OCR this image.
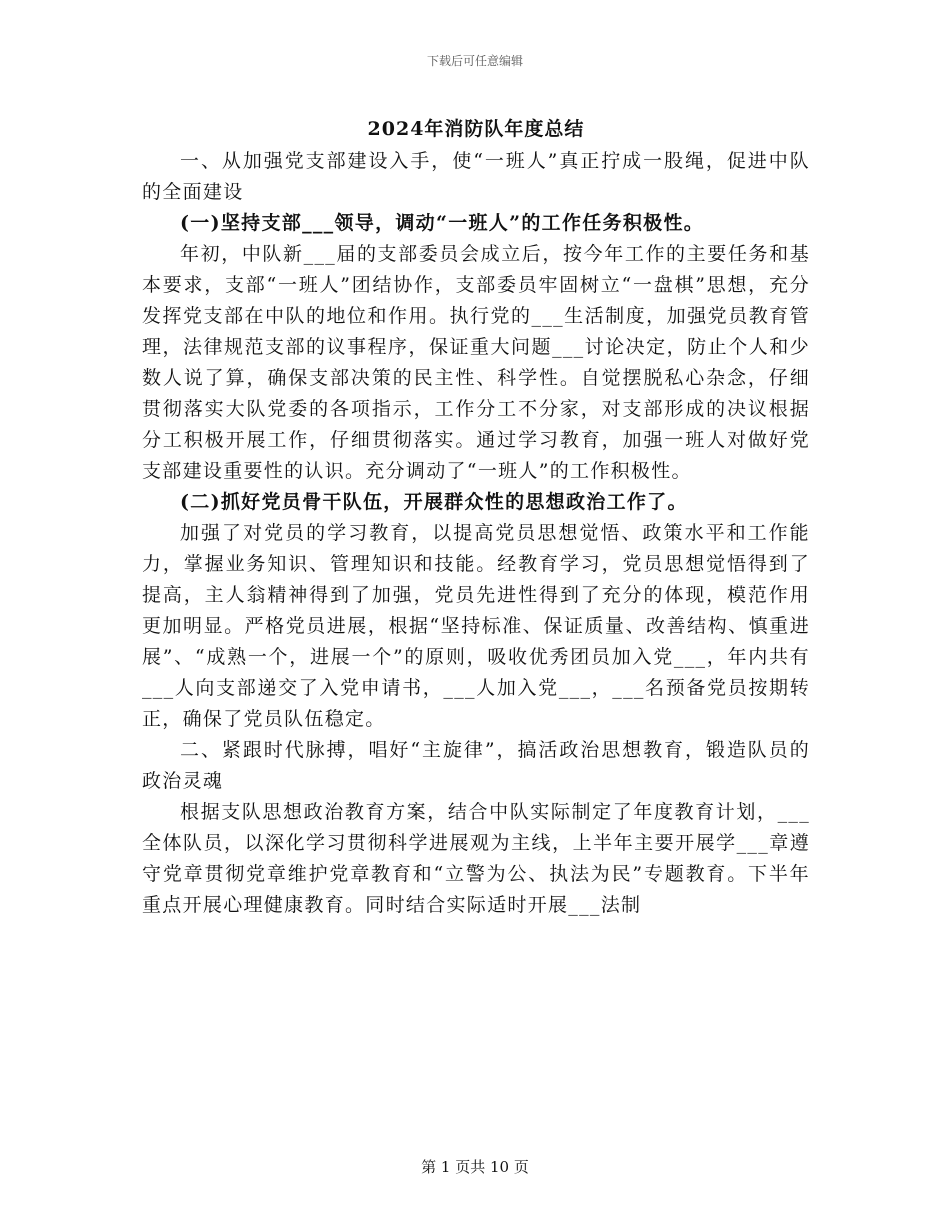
下载后可任意编辑
2024年消防队年度总结

一、从加强党支部建设入手，使“一班人”真正拧成一股绳，促进中队的全面建设

(一)坚持支部___领导，调动“一班人”的工作任务积极性。

年初，中队新___届的支部委员会成立后，按今年工作的主要任务和基本要求，支部“一班人”团结协作，支部委员牢固树立“一盘棋”思想，充分发挥党支部在中队的地位和作用。执行党的___生活制度，加强党员教育管理，法律规范支部的议事程序，保证重大问题___讨论决定，防止个人和少数人说了算，确保支部决策的民主性、科学性。自觉摆脱私心杂念，仔细贯彻落实大队党委的各项指示，工作分工不分家，对支部形成的决议根据分工积极开展工作，仔细贯彻落实。通过学习教育，加强一班人对做好党支部建设重要性的认识。充分调动了“一班人”的工作积极性。

(二)抓好党员骨干队伍，开展群众性的思想政治工作了。

加强了对党员的学习教育，以提高党员思想觉悟、政策水平和工作能力，掌握业务知识、管理知识和技能。经教育学习，党员思想觉悟得到了提高，主人翁精神得到了加强，党员先进性得到了充分的体现，模范作用更加明显。严格党员进展，根据“坚持标准、保证质量、改善结构、慎重进展”、“成熟一个，进展一个”的原则，吸收优秀团员加入党___，年内共有___人向支部递交了入党申请书，___人加入党___，___名预备党员按期转正，确保了党员队伍稳定。

二、紧跟时代脉搏，唱好“主旋律”，搞活政治思想教育，锻造队员的政治灵魂

根据支队思想政治教育方案，结合中队实际制定了年度教育计划，___全体队员，以深化学习贯彻科学进展观为主线，上半年主要开展学___章遵守党章贯彻党章维护党章教育和“立警为公、执法为民”专题教育。下半年重点开展心理健康教育。同时结合实际适时开展___法制

第 1 页共 10 页
